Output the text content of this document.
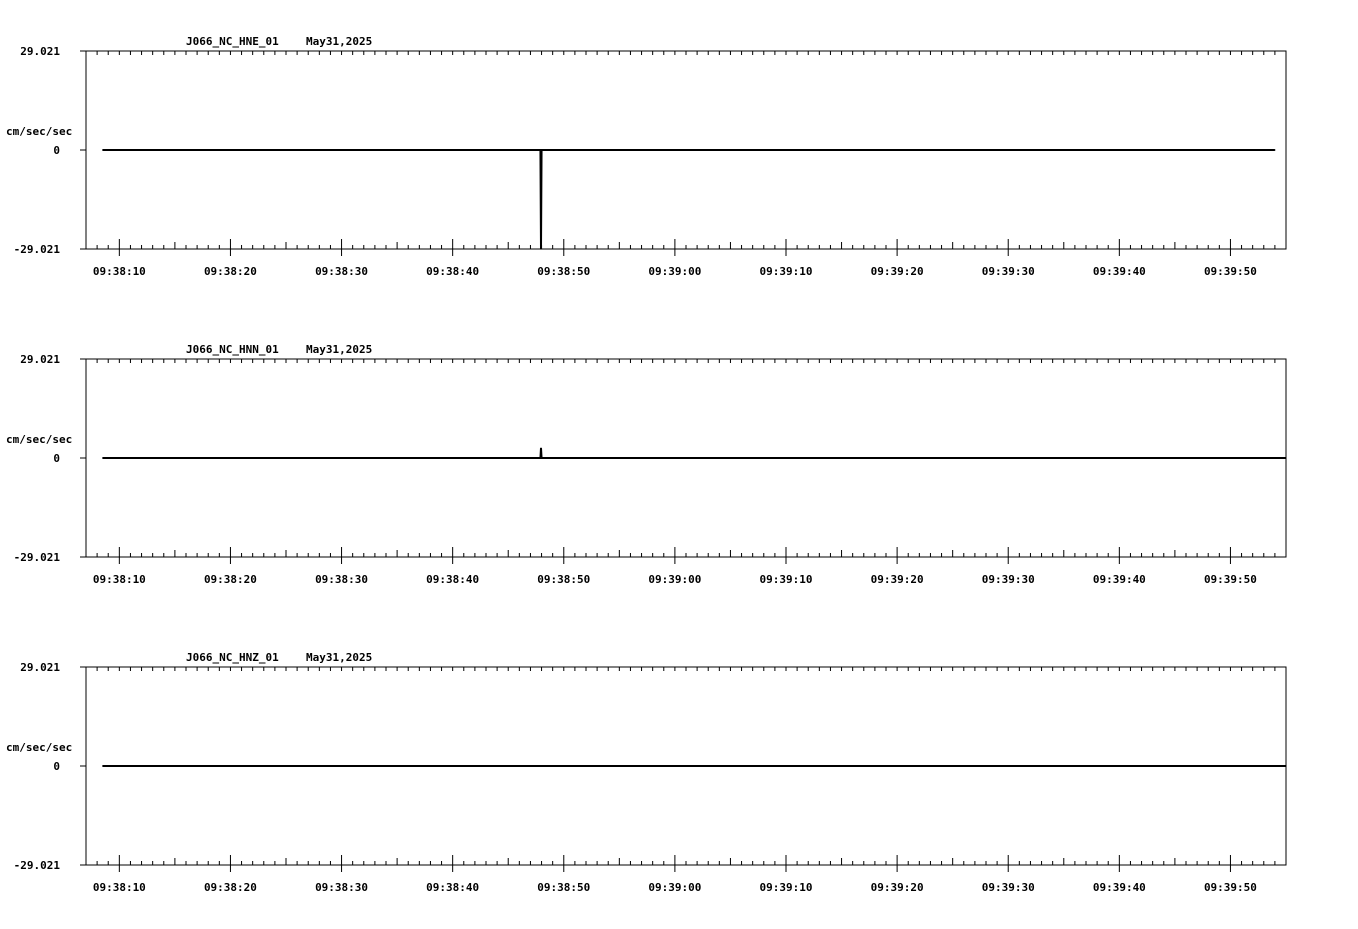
J066_NC_HNE_01 May31,2025
cm/sec/sec
29.021
0
-29.021
09:38:10	09:38:20	09:38:30	09:38:40	09:38:50	09:39:00	09:39:10	09:39:20	09:39:30	09:39:40	09:39:50
J066_NC_HNN_01 May31,2025
cm/sec/sec
29.021
0
-29.021
09:38:10	09:38:20	09:38:30	09:38:40	09:38:50	09:39:00	09:39:10	09:39:20	09:39:30	09:39:40	09:39:50
J066_NC_HNZ_01 May31,2025
cm/sec/sec
29.021
0
-29.021
09:38:10	09:38:20	09:38:30	09:38:40	09:38:50	09:39:00	09:39:10	09:39:20	09:39:30	09:39:40	09:39:50
